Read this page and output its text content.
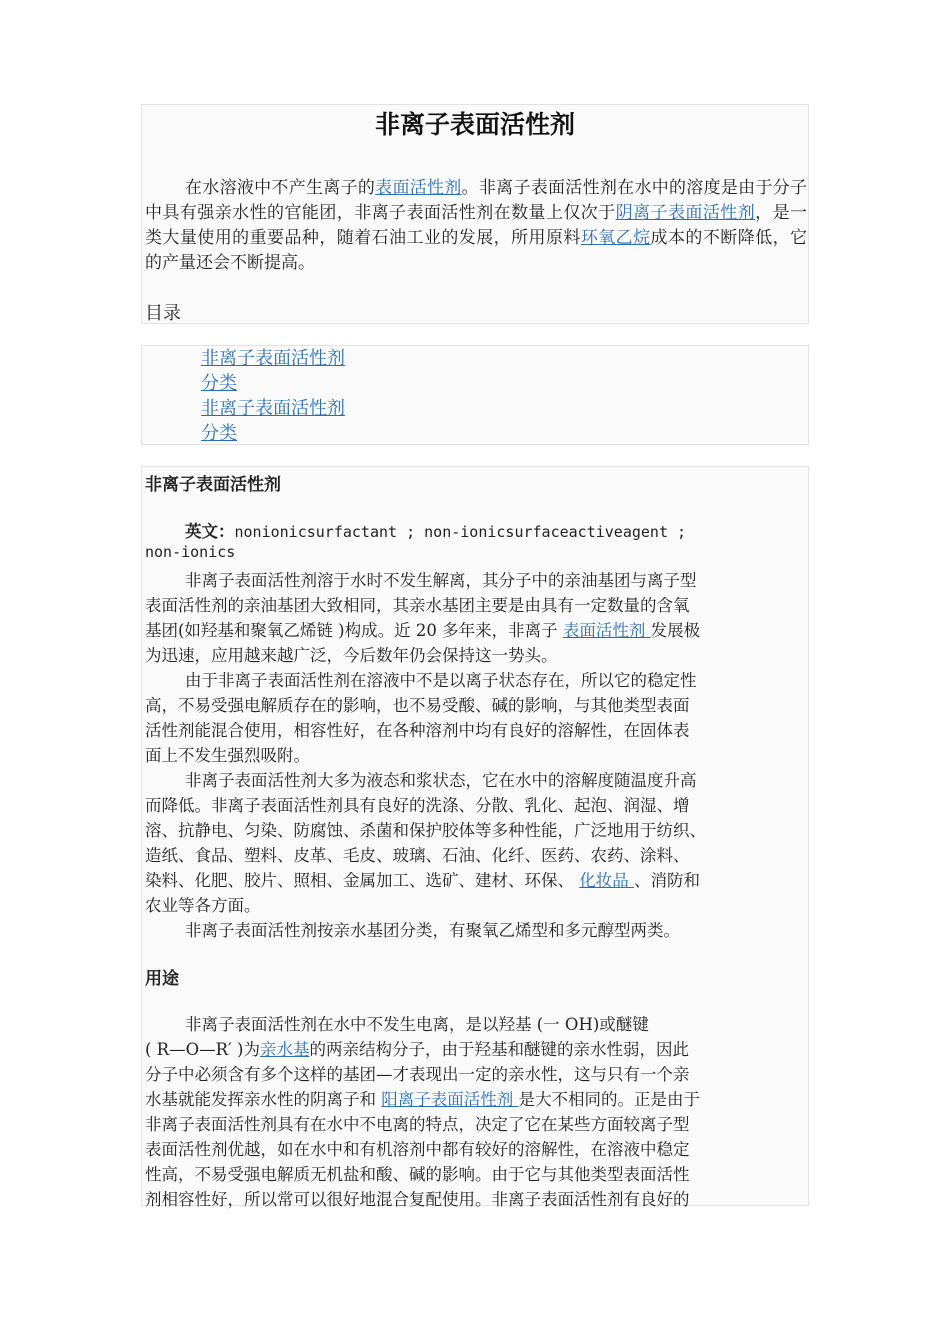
非离子表面活性剂

在水溶液中不产生离子的表面活性剂。非离子表面活性剂在水中的溶度是由于分子中具有强亲水性的官能团，非离子表面活性剂在数量上仅次于阴离子表面活性剂，是一类大量使用的重要品种，随着石油工业的发展，所用原料环氧乙烷成本的不断降低，它的产量还会不断提高。

目录
非离子表面活性剂
分类
非离子表面活性剂
分类
非离子表面活性剂
英文：nonionicsurfactant ; non-ionicsurfaceactiveagent ;
non-ionics
非离子表面活性剂溶于水时不发生解离，其分子中的亲油基团与离子型
表面活性剂的亲油基团大致相同，其亲水基团主要是由具有一定数量的含氧
基团(如羟基和聚氧乙烯链 )构成。近 20 多年来，非离子 表面活性剂 发展极
为迅速，应用越来越广泛，今后数年仍会保持这一势头。
由于非离子表面活性剂在溶液中不是以离子状态存在，所以它的稳定性
高，不易受强电解质存在的影响，也不易受酸、碱的影响，与其他类型表面
活性剂能混合使用，相容性好，在各种溶剂中均有良好的溶解性，在固体表
面上不发生强烈吸附。
非离子表面活性剂大多为液态和浆状态，它在水中的溶解度随温度升高
而降低。非离子表面活性剂具有良好的洗涤、分散、乳化、起泡、润湿、增
溶、抗静电、匀染、防腐蚀、杀菌和保护胶体等多种性能，广泛地用于纺织、
造纸、食品、塑料、皮革、毛皮、玻璃、石油、化纤、医药、农药、涂料、
染料、化肥、胶片、照相、金属加工、选矿、建材、环保、 化妆品 、消防和
农业等各方面。
非离子表面活性剂按亲水基团分类，有聚氧乙烯型和多元醇型两类。
用途
非离子表面活性剂在水中不发生电离，是以羟基 (一 OH)或醚键
( R—O—R′ )为亲水基的两亲结构分子，由于羟基和醚键的亲水性弱，因此
分子中必须含有多个这样的基团—才表现出一定的亲水性，这与只有一个亲
水基就能发挥亲水性的阴离子和 阳离子表面活性剂 是大不相同的。正是由于
非离子表面活性剂具有在水中不电离的特点，决定了它在某些方面较离子型
表面活性剂优越，如在水中和有机溶剂中都有较好的溶解性，在溶液中稳定
性高，不易受强电解质无机盐和酸、碱的影响。由于它与其他类型表面活性
剂相容性好，所以常可以很好地混合复配使用。非离子表面活性剂有良好的
